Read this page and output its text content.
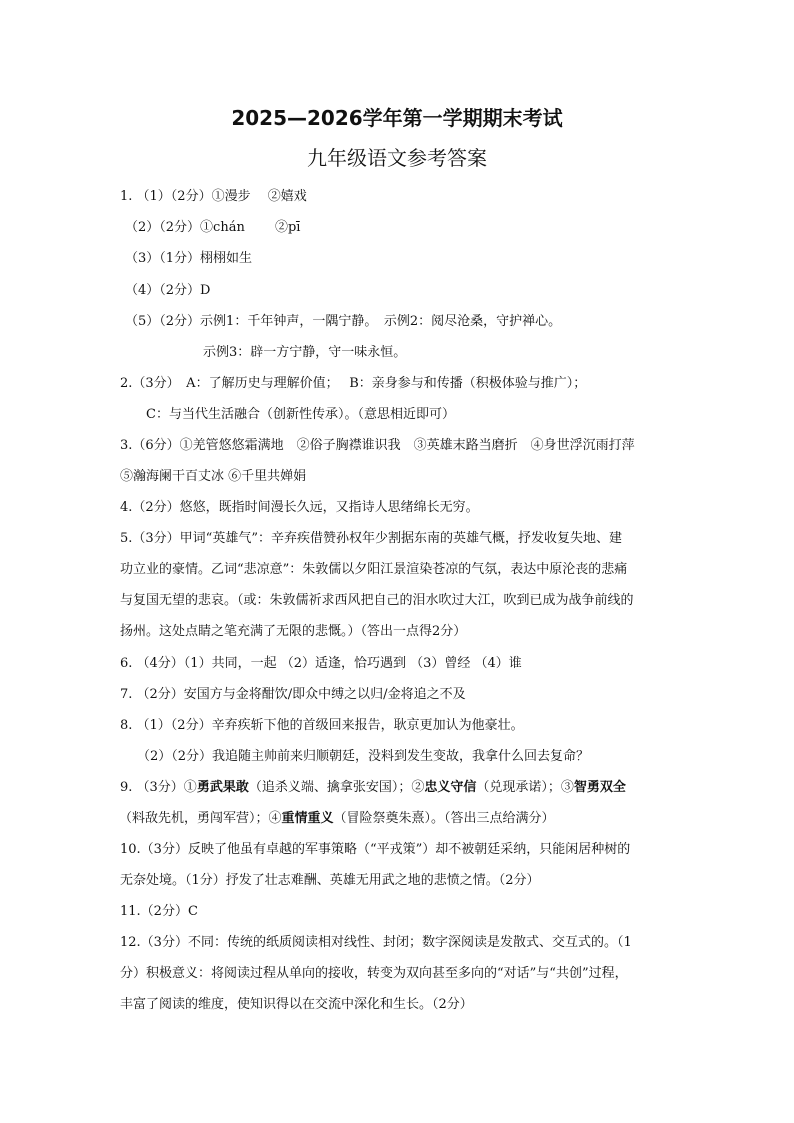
2025—2026学年第一学期期末考试
九年级语文参考答案
1. （1）（2分）①漫步　 ②嬉戏
（2）（2分）①chán　　 ②pī
（3）（1分）栩栩如生
（4）（2分）D
（5）（2分）示例1：千年钟声，一隅宁静。　示例2：阅尽沧桑，守护禅心。
示例3：辟一方宁静，守一味永恒。
2.（3分）　A：了解历史与理解价值；　 B：亲身参与和传播（积极体验与推广）；
C：与当代生活融合（创新性传承）。（意思相近即可）
3.（6分）①羌管悠悠霜满地　②俗子胸襟谁识我　③英雄末路当磨折　④身世浮沉雨打萍
⑤瀚海阑干百丈冰 ⑥千里共婵娟
4.（2分）悠悠，既指时间漫长久远，又指诗人思绪绵长无穷。
5.（3分）甲词“英雄气”：辛弃疾借赞孙权年少割据东南的英雄气概，抒发收复失地、建
功立业的豪情。乙词“悲凉意”：朱敦儒以夕阳江景渲染苍凉的气氛，表达中原沦丧的悲痛
与复国无望的悲哀。（或：朱敦儒祈求西风把自己的泪水吹过大江，吹到已成为战争前线的
扬州。这处点睛之笔充满了无限的悲慨。）（答出一点得2分）
6. （4分）（1）共同，一起 （2）适逢，恰巧遇到 （3）曾经 （4）谁
7. （2分）安国方与金将酣饮/即众中缚之以归/金将追之不及
8. （1）（2分）辛弃疾斩下他的首级回来报告，耿京更加认为他豪壮。
（2）（2分）我追随主帅前来归顺朝廷，没料到发生变故，我拿什么回去复命？
9. （3分）①勇武果敢（追杀义端、擒拿张安国）；②忠义守信（兑现承诺）；③智勇双全
（料敌先机，勇闯军营）；④重情重义（冒险祭奠朱熹）。（答出三点给满分）
10.（3分）反映了他虽有卓越的军事策略（“平戎策”）却不被朝廷采纳，只能闲居种树的
无奈处境。（1分）抒发了壮志难酬、英雄无用武之地的悲愤之情。（2分）
11.（2分）C
12.（3分）不同：传统的纸质阅读相对线性、封闭；数字深阅读是发散式、交互式的。（1
分）积极意义：将阅读过程从单向的接收，转变为双向甚至多向的“对话”与“共创”过程，
丰富了阅读的维度，使知识得以在交流中深化和生长。（2分）
